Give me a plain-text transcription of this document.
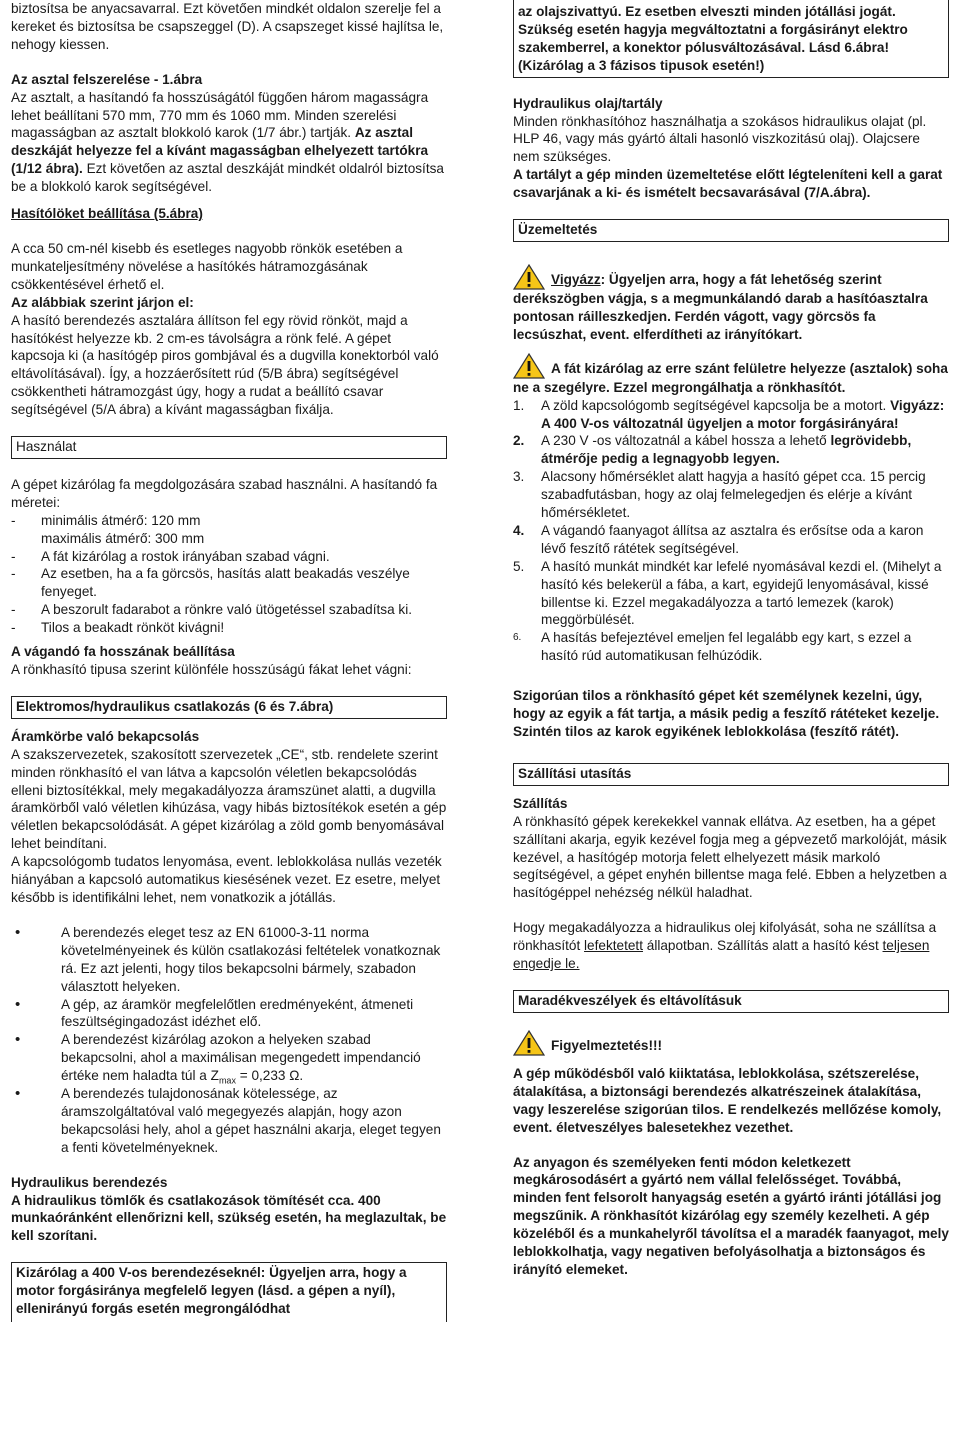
biztosítsa be anyacsavarral. Ezt követően mindkét oldalon szerelje fel a kereket és biztosítsa be csapszeggel (D). A csapszeget kissé hajlítsa le, nehogy kiessen.

Az asztal felszerelése - 1.ábra

Az asztalt, a hasítandó fa hosszúságától függően három magasságra lehet beállítani 570 mm, 770 mm és 1060 mm. Minden szerelési magasságban az asztalt blokkoló karok (1/7 ábr.) tartják. Az asztal deszkáját helyezze fel a kívánt magasságban elhelyezett tartókra (1/12 ábra). Ezt követően az asztal deszkáját mindkét oldalról biztosítsa be a blokkoló karok segítségével.

Hasítólöket beállítása (5.ábra)

A cca 50 cm-nél kisebb és esetleges nagyobb rönkök esetében a munkateljesítmény növelése a hasítókés hátramozgásának csökkentésével érhető el.

Az alábbiak szerint járjon el:

A hasító berendezés asztalára állítson fel egy rövid rönköt, majd a hasítókést helyezze kb. 2 cm-es távolságra a rönk felé. A gépet kapcsoja ki (a hasítógép piros gombjával és a dugvilla konektorból való eltávolításával). Így, a hozzáerősített rúd (5/B ábra) segítségével csökkentheti hátramozgást úgy, hogy a rudat a beállító csavar segítségével (5/A ábra) a kívánt magasságban fixálja.

Használat

A gépet kizárólag fa megdolgozására szabad használni. A hasítandó fa méretei:

-	minimális átmérő: 120 mm
maximális átmérő: 300 mm
-	A fát kizárólag a rostok irányában szabad vágni.
-	Az esetben, ha a fa görcsös, hasítás alatt beakadás veszélye fenyeget.
-	A beszorult fadarabot a rönkre való ütögetéssel szabadítsa ki.
-	Tilos a beakadt rönköt kivágni!

A vágandó fa hosszának beállítása

A rönkhasító tipusa szerint különféle hosszúságú fákat lehet vágni:

Elektromos/hydraulikus csatlakozás (6 és 7.ábra)

Áramkörbe való bekapcsolás

A szakszervezetek, szakosított szervezetek „CE“, stb. rendelete szerint minden rönkhasító el van látva a kapcsolón véletlen bekapcsolódás elleni biztosítékkal, mely megakadályozza áramszünet alatti, a dugvilla áramkörből való véletlen kihúzása, vagy hibás biztosítékok esetén a gép véletlen bekapcsolódását. A gépet kizárólag a zöld gomb benyomásával lehet beindítani.

A kapcsológomb tudatos lenyomása, event. leblokkolása nullás vezeték hiányában a kapcsoló automatikus kiesésének vezet. Ez esetre, melyet később is identifikálni lehet, nem vonatkozik a jótállás.

•	A berendezés eleget tesz az EN 61000-3-11 norma követelményeinek és külön csatlakozási feltételek vonatkoznak rá. Ez azt jelenti, hogy tilos bekapcsolni bármely, szabadon választott helyeken.
•	A gép, az áramkör megfelelőtlen eredményeként, átmeneti feszültségingadozást idézhet elő.
•	A berendezést kizárólag azokon a helyeken szabad bekapcsolni, ahol a maximálisan megengedett impendanció értéke nem haladta túl a $Z_{max} = 0,233$ Ω.
•	A berendezés tulajdonosának kötelessége, az áramszolgáltatóval való megegyezés alapján, hogy azon bekapcsolási hely, ahol a gépet használni akarja, eleget tegyen a fenti követelményeknek.

Hydraulikus berendezés

A hidraulikus tömlők és csatlakozások tömítését cca. 400 munkaóránként ellenőrizni kell, szükség esetén, ha meglazultak, be kell szorítani.

Kizárólag a 400 V-os berendezéseknél: Ügyeljen arra, hogy a motor forgásiránya megfelelő legyen (lásd. a gépen a nyíl), ellenirányú forgás esetén megrongálódhat
az olajszivattyú. Ez esetben elveszti minden jótállási jogát. Szükség esetén hagyja megváltoztatni a forgásirányt elektro szakemberrel, a konektor pólusváltozásával. Lásd 6.ábra! (Kizárólag a 3 fázisos tipusok esetén!)

Hydraulikus olaj/tartály

Minden rönkhasítóhoz használhatja a szokásos hidraulikus olajat (pl. HLP 46, vagy más gyártó általi hasonló viszkozitású olaj). Olajcsere nem szükséges.

A tartályt a gép minden üzemeltetése előtt légteleníteni kell a garat csavarjának a ki- és ismételt becsavarásával (7/A.ábra).

Üzemeltetés

Vigyázz: Ügyeljen arra, hogy a fát lehetőség szerint derékszögben vágja, s a megmunkálandó darab a hasítóasztalra pontosan ráilleszkedjen. Ferdén vágott, vagy görcsös fa lecsúszhat, event. elferdítheti az irányítókart.

A fát kizárólag az erre szánt felületre helyezze (asztalok) soha ne a szegélyre. Ezzel megrongálhatja a rönkhasítót.

1.	A zöld kapcsológomb segítségével kapcsolja be a motort. Vigyázz: A 400 V-os változatnál ügyeljen a motor forgásirányára!
2.	A 230 V -os változatnál a kábel hossza a lehető legrövidebb, átmérője pedig a legnagyobb legyen.
3.	Alacsony hőmérséklet alatt hagyja a hasító gépet cca. 15 percig szabadfutásban, hogy az olaj felmelegedjen és elérje a kívánt hőmérsékletet.
4.	A vágandó faanyagot állítsa az asztalra és erősítse oda a karon lévő feszítő rátétek segítségével.
5.	A hasító munkát mindkét kar lefelé nyomásával kezdi el. (Mihelyt a hasító kés belekerül a fába, a kart, egyidejű lenyomásával, kissé billentse ki. Ezzel megakadályozza a tartó lemezek (karok) meggörbülését.
6.	A hasítás befejeztével emeljen fel legalább egy kart, s ezzel a hasító rúd automatikusan felhúzódik.

Szigorúan tilos a rönkhasító gépet két személynek kezelni, úgy, hogy az egyik a fát tartja, a másik pedig a feszítő rátéteket kezelje. Szintén tilos az karok egyikének leblokkolása (feszítő rátét).

Szállítási utasítás

Szállítás

A rönkhasító gépek kerekekkel vannak ellátva. Az esetben, ha a gépet szállítani akarja, egyik kezével fogja meg a gépvezető markolóját, másik kezével, a hasítógép motorja felett elhelyezett másik markoló segítségével, a gépet enyhén billentse maga felé. Ebben a helyzetben a hasítógéppel nehézség nélkül haladhat.

Hogy megakadályozza a hidraulikus olej kifolyását, soha ne szállítsa a rönkhasítót lefektetett állapotban. Szállítás alatt a hasító kést teljesen engedje le.

Maradékveszélyek és eltávolításuk

Figyelmeztetés!!!

A gép működésből való kiiktatása, leblokkolása, szétszerelése, átalakítása, a biztonsági berendezés alkatrészeinek átalakítása, vagy leszerelése szigorúan tilos. E rendelkezés mellőzése komoly, event. életveszélyes balesetekhez vezethet.

Az anyagon és személyeken fenti módon keletkezett megkárosodásért a gyártó nem vállal felelősséget. Továbbá, minden fent felsorolt hanyagság esetén a gyártó iránti jótállási jog megszűnik. A rönkhasítót kizárólag egy személy kezelheti. A gép közeléből és a munkahelyről távolítsa el a maradék faanyagot, mely leblokkolhatja, vagy negativen befolyásolhatja a biztonságos és irányító elemeket.
